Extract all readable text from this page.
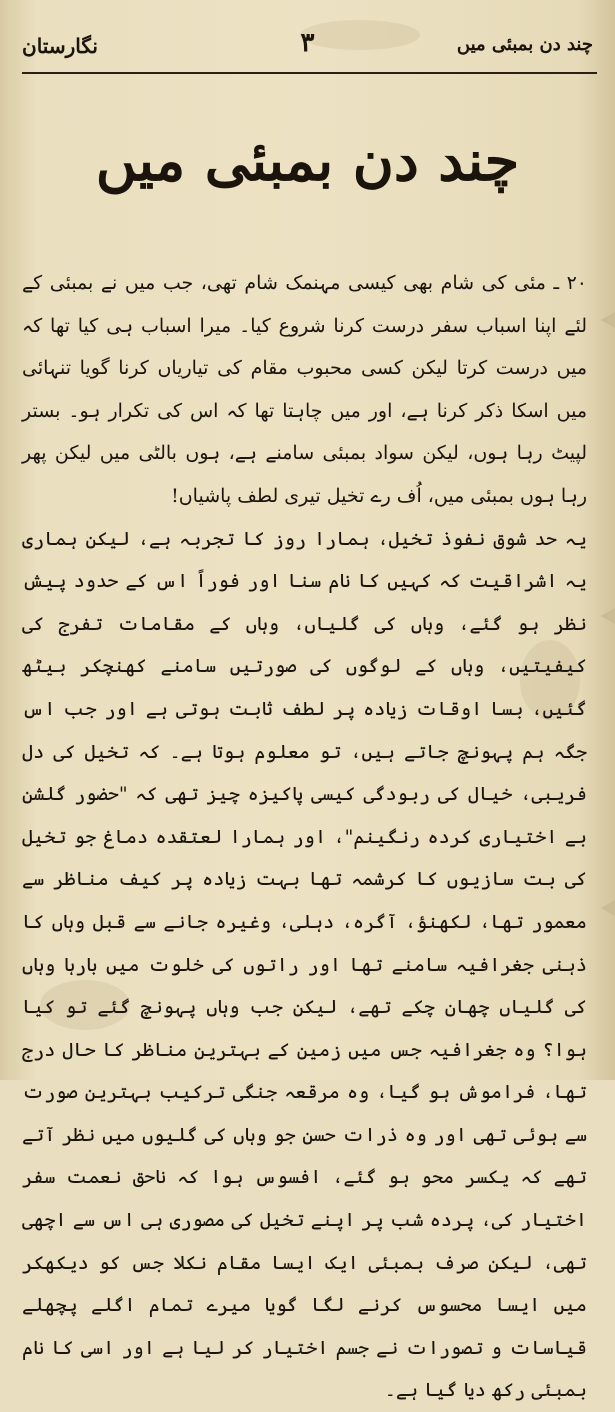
چند دن بمبئی میں
۳
نگارستان
چند دن بمبئی میں

۲۰ ـ مئی کی شام بھی کیسی مہنمک شام تھی، جب میں نے بمبئی کے لئے اپنا اسباب سفر درست کرنا شروع کیا۔ میرا اسباب ہی کیا تھا کہ میں درست کرتا لیکن کسی محبوب مقام کی تیاریاں کرنا گویا تنہائی میں اسکا ذکر کرنا ہے، اور میں چاہتا تھا کہ اس کی تکرار ہو۔ بستر لپیٹ رہا ہوں، لیکن سواد بمبئی سامنے ہے، ہوں بالٹی میں لیکن پھر رہا ہوں بمبئی میں، اُف رے تخیل تیری لطف پاشیاں!

یہ حد شوق نفوذ تخیل، ہمارا روز کا تجربہ ہے، لیکن ہماری یہ اشراقیت کہ کہیں کا نام سنا اور فوراً اس کے حدود پیش نظر ہو گئے، وہاں کی گلیاں، وہاں کے مقامات تفرج کی کیفیتیں، وہاں کے لوگوں کی صورتیں سامنے کھنچکر بیٹھ گئیں، بسا اوقات زیادہ پر لطف ثابت ہوتی ہے اور جب اس جگہ ہم پہونچ جاتے ہیں، تو معلوم ہوتا ہے۔ کہ تخیل کی دل فریبی، خیال کی ربودگی کیسی پاکیزہ چیز تھی کہ "حضور گلشن بے اختیاری کردہ رنگینم"، اور ہمارا لعتقدہ دماغ جو تخیل کی بت سازیوں کا کرشمہ تھا بہت زیادہ پر کیف مناظر سے معمور تھا، لکھنؤ، آگرہ، دہلی، وغیرہ جانے سے قبل وہاں کا ذہنی جغرافیہ سامنے تھا اور راتوں کی خلوت میں بارہا وہاں کی گلیاں چھان چکے تھے، لیکن جب وہاں پہونچ گئے تو کیا ہوا؟ وہ جغرافیہ جس میں زمین کے بہترین مناظر کا حال درج تھا، فراموش ہو گیا، وہ مرقعہ جنگی ترکیب بہترین صورت سے ہوئی تھی اور وہ ذرات حسن جو وہاں کی گلیوں میں نظر آتے تھے کہ یکسر محو ہو گئے، افسوس ہوا کہ ناحق نعمت سفر اختیار کی، پردہ شب پر اپنے تخیل کی مصوری ہی اس سے اچھی تھی، لیکن صرف بمبئی ایک ایسا مقام نکلا جس کو دیکھکر میں ایسا محسوس کرنے لگا گویا میرے تمام اگلے پچھلے قیاسات و تصورات نے جسم اختیار کر لیا ہے اور اسی کا نام بمبئی رکھ دیا گیا ہے۔
